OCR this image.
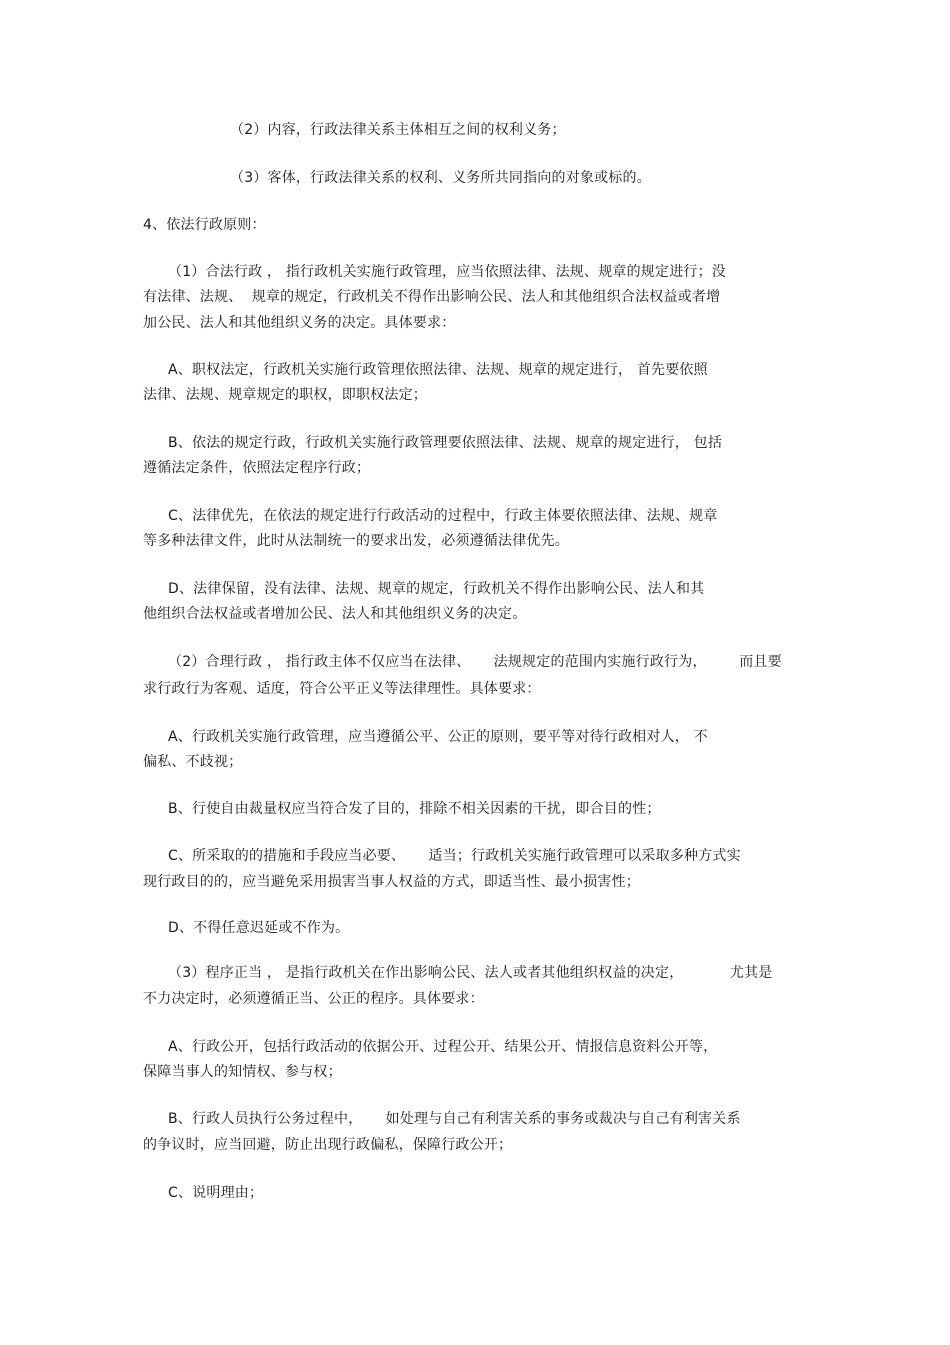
（2）内容，行政法律关系主体相互之间的权利义务；
（3）客体，行政法律关系的权利、义务所共同指向的对象或标的。
4、依法行政原则：
（1）合法行政 ， 指行政机关实施行政管理，应当依照法律、法规、规章的规定进行；没
有法律、法规、  规章的规定，行政机关不得作出影响公民、法人和其他组织合法权益或者增
加公民、法人和其他组织义务的决定。具体要求：
A、职权法定，行政机关实施行政管理依照法律、法规、规章的规定进行， 首先要依照
法律、法规、规章规定的职权，即职权法定；
B、依法的规定行政，行政机关实施行政管理要依照法律、法规、规章的规定进行， 包括
遵循法定条件，依照法定程序行政；
C、法律优先，在依法的规定进行行政活动的过程中，行政主体要依照法律、法规、规章
等多种法律文件，此时从法制统一的要求出发，必须遵循法律优先。
D、法律保留，没有法律、法规、规章的规定，行政机关不得作出影响公民、法人和其
他组织合法权益或者增加公民、法人和其他组织义务的决定。
（2）合理行政 ， 指行政主体不仅应当在法律、     法规规定的范围内实施行政行为，       而且要
求行政行为客观、适度，符合公平正义等法律理性。具体要求：
A、行政机关实施行政管理，应当遵循公平、公正的原则，要平等对待行政相对人， 不
偏私、不歧视；
B、行使自由裁量权应当符合发了目的，排除不相关因素的干扰，即合目的性；
C、所采取的的措施和手段应当必要、     适当；行政机关实施行政管理可以采取多种方式实
现行政目的的，应当避免采用损害当事人权益的方式，即适当性、最小损害性；
D、不得任意迟延或不作为。
（3）程序正当 ， 是指行政机关在作出影响公民、法人或者其他组织权益的决定，          尤其是
不力决定时，必须遵循正当、公正的程序。具体要求：
A、行政公开，包括行政活动的依据公开、过程公开、结果公开、情报信息资料公开等，
保障当事人的知情权、参与权；
B、行政人员执行公务过程中，     如处理与自己有利害关系的事务或裁决与自己有利害关系
的争议时，应当回避，防止出现行政偏私，保障行政公开；
C、说明理由；
